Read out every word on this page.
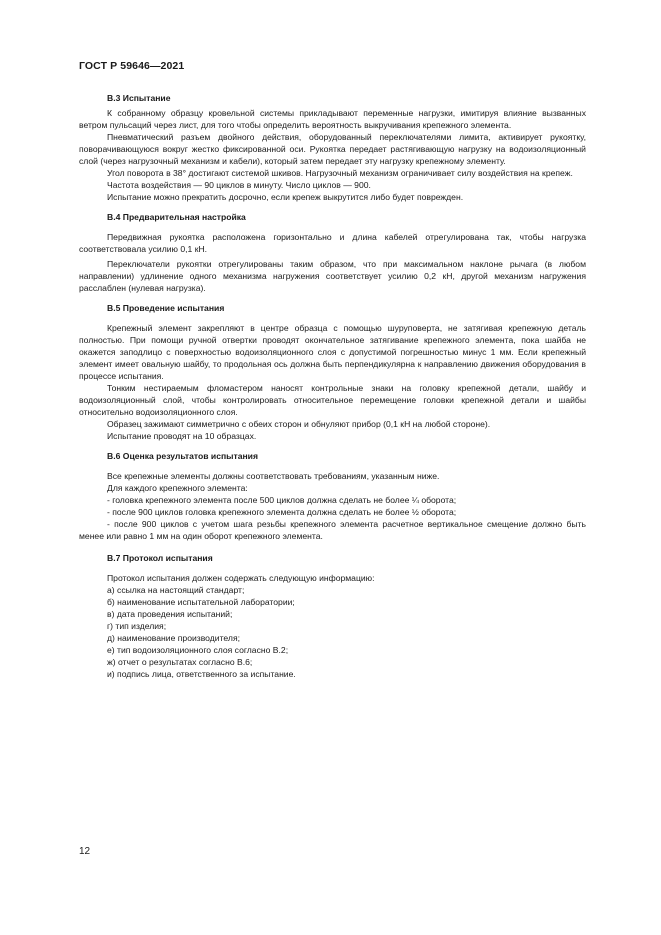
ГОСТ Р 59646—2021

В.3 Испытание

К собранному образцу кровельной системы прикладывают переменные нагрузки, имитируя влияние вызванных ветром пульсаций через лист, для того чтобы определить вероятность выкручивания крепежного элемента.

Пневматический разъем двойного действия, оборудованный переключателями лимита, активирует рукоятку, поворачивающуюся вокруг жестко фиксированной оси. Рукоятка передает растягивающую нагрузку на водоизоляционный слой (через нагрузочный механизм и кабели), который затем передает эту нагрузку крепежному элементу.

Угол поворота в 38° достигают системой шкивов. Нагрузочный механизм ограничивает силу воздействия на крепеж.

Частота воздействия — 90 циклов в минуту. Число циклов — 900.

Испытание можно прекратить досрочно, если крепеж выкрутится либо будет поврежден.

В.4 Предварительная настройка

Передвижная рукоятка расположена горизонтально и длина кабелей отрегулирована так, чтобы нагрузка соответствовала усилию 0,1 кН.

Переключатели рукоятки отрегулированы таким образом, что при максимальном наклоне рычага (в любом направлении) удлинение одного механизма нагружения соответствует усилию 0,2 кН, другой механизм нагружения расслаблен (нулевая нагрузка).

В.5 Проведение испытания

Крепежный элемент закрепляют в центре образца с помощью шуруповерта, не затягивая крепежную деталь полностью. При помощи ручной отвертки проводят окончательное затягивание крепежного элемента, пока шайба не окажется заподлицо с поверхностью водоизоляционного слоя с допустимой погрешностью минус 1 мм. Если крепежный элемент имеет овальную шайбу, то продольная ось должна быть перпендикулярна к направлению движения оборудования в процессе испытания.

Тонким нестираемым фломастером наносят контрольные знаки на головку крепежной детали, шайбу и водоизоляционный слой, чтобы контролировать относительное перемещение головки крепежной детали и шайбы относительно водоизоляционного слоя.

Образец зажимают симметрично с обеих сторон и обнуляют прибор (0,1 кН на любой стороне).

Испытание проводят на 10 образцах.

В.6 Оценка результатов испытания

Все крепежные элементы должны соответствовать требованиям, указанным ниже.

Для каждого крепежного элемента:

- головка крепежного элемента после 500 циклов должна сделать не более ¼ оборота;

- после 900 циклов головка крепежного элемента должна сделать не более ½ оборота;

- после 900 циклов с учетом шага резьбы крепежного элемента расчетное вертикальное смещение должно быть менее или равно 1 мм на один оборот крепежного элемента.

В.7 Протокол испытания

Протокол испытания должен содержать следующую информацию:

а) ссылка на настоящий стандарт;

б) наименование испытательной лаборатории;

в) дата проведения испытаний;

г) тип изделия;

д) наименование производителя;

е) тип водоизоляционного слоя согласно В.2;

ж) отчет о результатах согласно В.6;

и) подпись лица, ответственного за испытание.

12
